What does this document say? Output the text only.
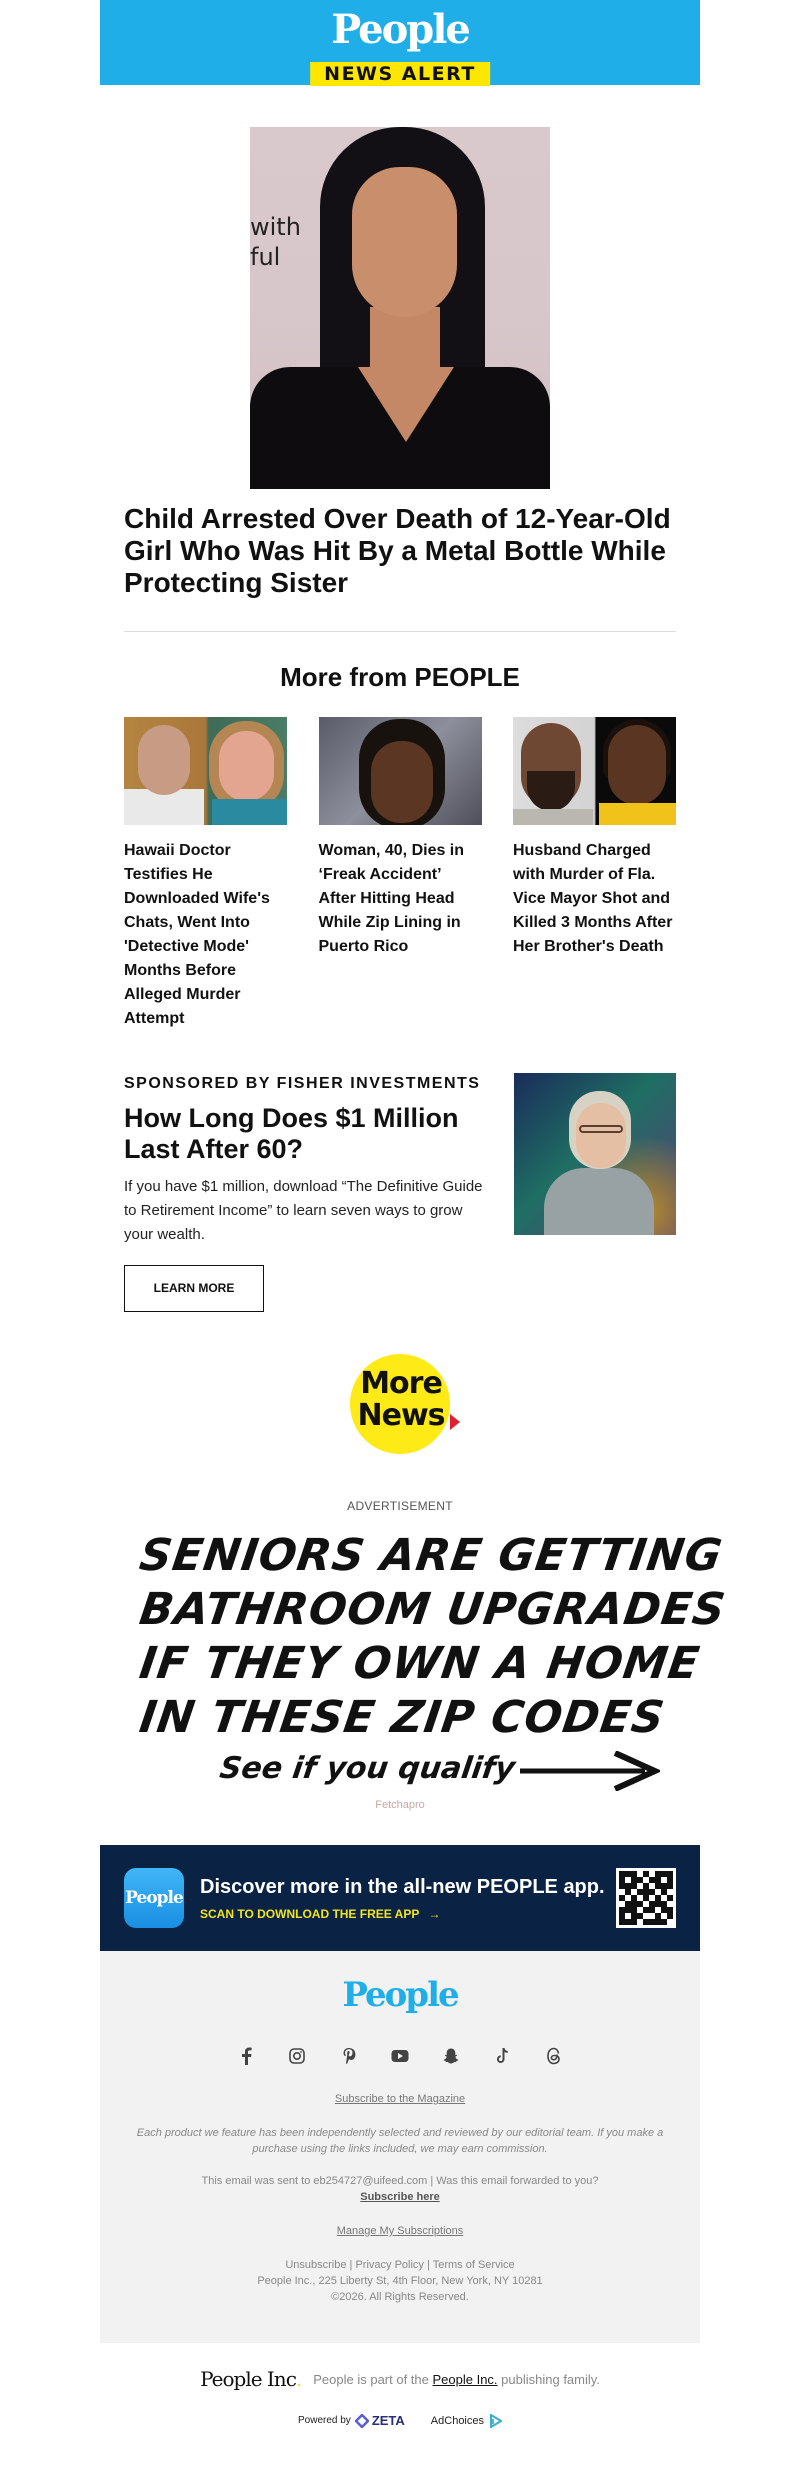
People
NEWS ALERT
with
ful
Child Arrested Over Death of 12-Year-Old Girl Who Was Hit By a Metal Bottle While Protecting Sister
More from PEOPLE
Hawaii Doctor Testifies He Downloaded Wife's Chats, Went Into 'Detective Mode' Months Before Alleged Murder Attempt
Woman, 40, Dies in ‘Freak Accident’ After Hitting Head While Zip Lining in Puerto Rico
Husband Charged with Murder of Fla. Vice Mayor Shot and Killed 3 Months After Her Brother's Death
SPONSORED BY FISHER INVESTMENTS
How Long Does $1 Million Last After 60?
If you have $1 million, download “The Definitive Guide to Retirement Income” to learn seven ways to grow your wealth.
LEARN MORE
More
News
ADVERTISEMENT
SENIORS ARE GETTING
BATHROOM UPGRADES
IF THEY OWN A HOME
IN THESE ZIP CODES
See if you qualify
Fetchapro
People
Discover more in the all-new PEOPLE app.
SCAN TO DOWNLOAD THE FREE APP →
People
Subscribe to the Magazine
Each product we feature has been independently selected and reviewed by our editorial team. If you make a purchase using the links included, we may earn commission.
This email was sent to eb254727@uifeed.com | Was this email forwarded to you?
Subscribe here
Manage My Subscriptions
Unsubscribe | Privacy Policy | Terms of Service
People Inc., 225 Liberty St, 4th Floor, New York, NY 10281
©2026. All Rights Reserved.
People Inc. People is part of the People Inc. publishing family.
Powered by ZETA AdChoices
